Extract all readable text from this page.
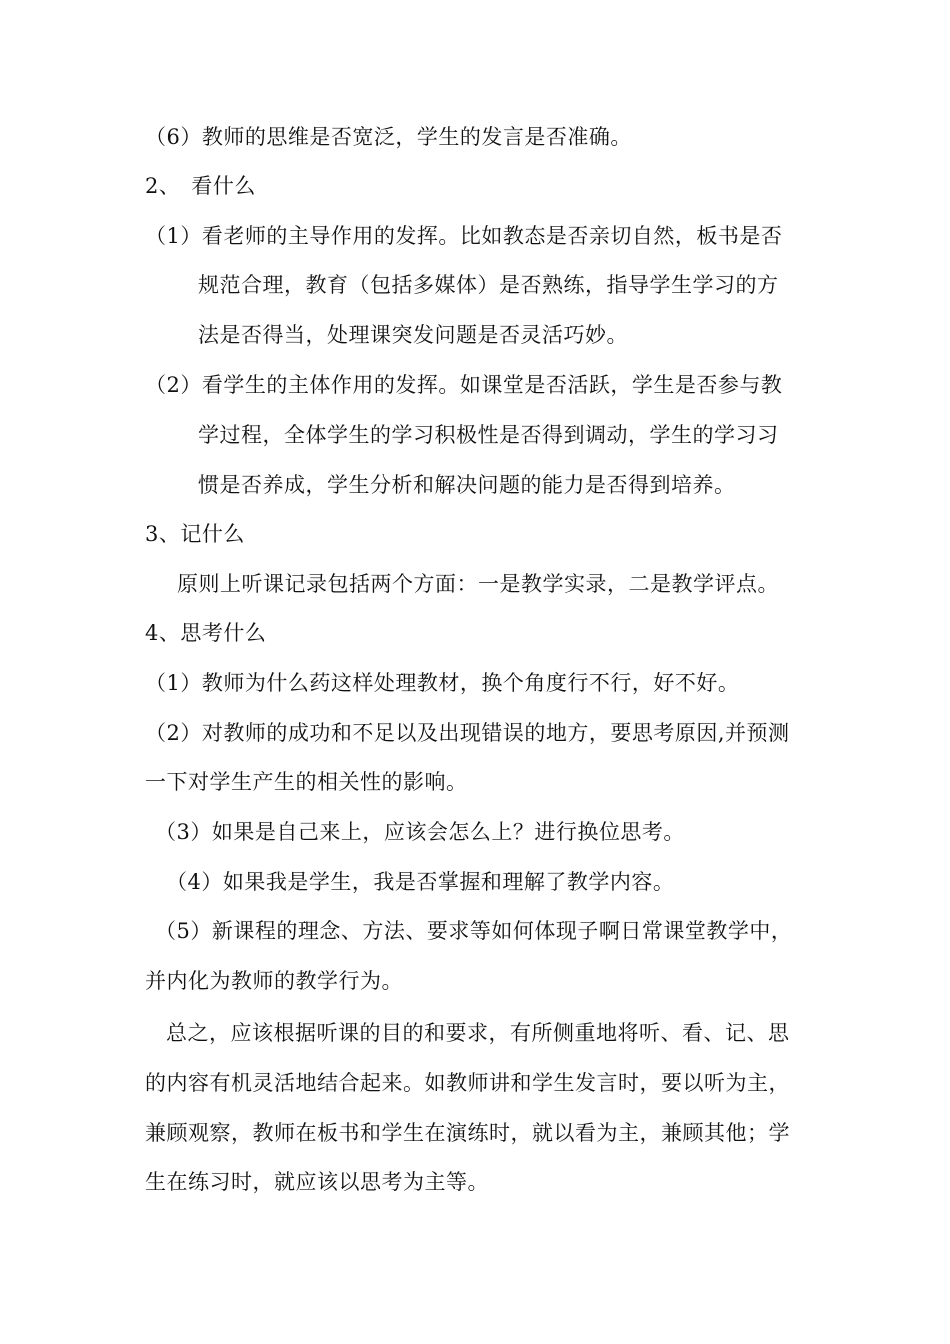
（6）教师的思维是否宽泛，学生的发言是否准确。
2、　看什么
（1）看老师的主导作用的发挥。比如教态是否亲切自然，板书是否
规范合理，教育（包括多媒体）是否熟练，指导学生学习的方
法是否得当，处理课突发问题是否灵活巧妙。
（2）看学生的主体作用的发挥。如课堂是否活跃，学生是否参与教
学过程，全体学生的学习积极性是否得到调动，学生的学习习
惯是否养成，学生分析和解决问题的能力是否得到培养。
3、记什么
原则上听课记录包括两个方面：一是教学实录，二是教学评点。
4、思考什么
（1）教师为什么药这样处理教材，换个角度行不行，好不好。
（2）对教师的成功和不足以及出现错误的地方，要思考原因,并预测
一下对学生产生的相关性的影响。
（3）如果是自己来上，应该会怎么上？进行换位思考。
（4）如果我是学生，我是否掌握和理解了教学内容。
（5）新课程的理念、方法、要求等如何体现子啊日常课堂教学中，
并内化为教师的教学行为。
总之，应该根据听课的目的和要求，有所侧重地将听、看、记、思
的内容有机灵活地结合起来。如教师讲和学生发言时，要以听为主，
兼顾观察，教师在板书和学生在演练时，就以看为主，兼顾其他；学
生在练习时，就应该以思考为主等。
